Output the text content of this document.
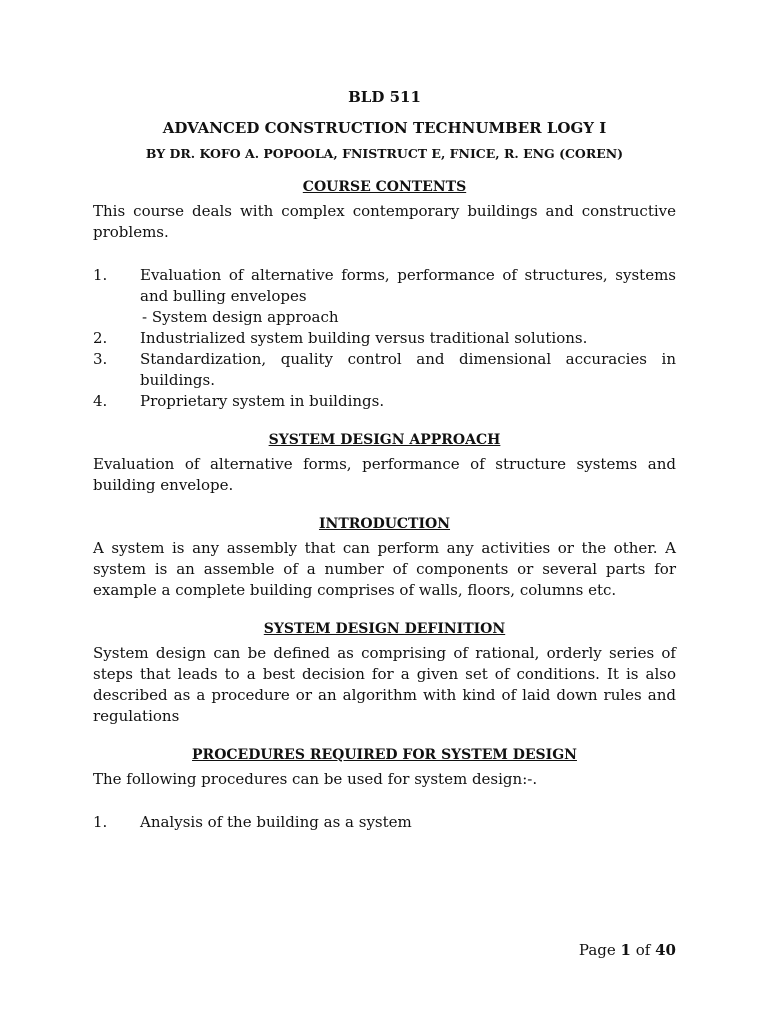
BLD 511
ADVANCED CONSTRUCTION TECHNUMBER LOGY I
BY DR. KOFO A. POPOOLA, FNISTRUCT E, FNICE, R. ENG (COREN)
COURSE CONTENTS

This course deals with complex contemporary buildings and constructive problems.

1.	Evaluation of alternative forms, performance of structures, systems and bulling envelopes
- System design approach
2.	Industrialized system building versus traditional solutions.
3.	Standardization, quality control and dimensional accuracies in buildings.
4.	Proprietary system in buildings.
SYSTEM DESIGN APPROACH

Evaluation of alternative forms, performance of structure systems and building envelope.

INTRODUCTION

A system is any assembly that can perform any activities or the other. A system is an assemble of a number of components or several parts for example a complete building comprises of walls, floors, columns etc.

SYSTEM DESIGN DEFINITION

System design can be defined as comprising of rational, orderly series of steps that leads to a best decision for a given set of conditions. It is also described as a procedure or an algorithm with kind of laid down rules and regulations

PROCEDURES REQUIRED FOR SYSTEM DESIGN

The following procedures can be used for system design:-.

1.	Analysis of the building as a system
Page 1 of 40
